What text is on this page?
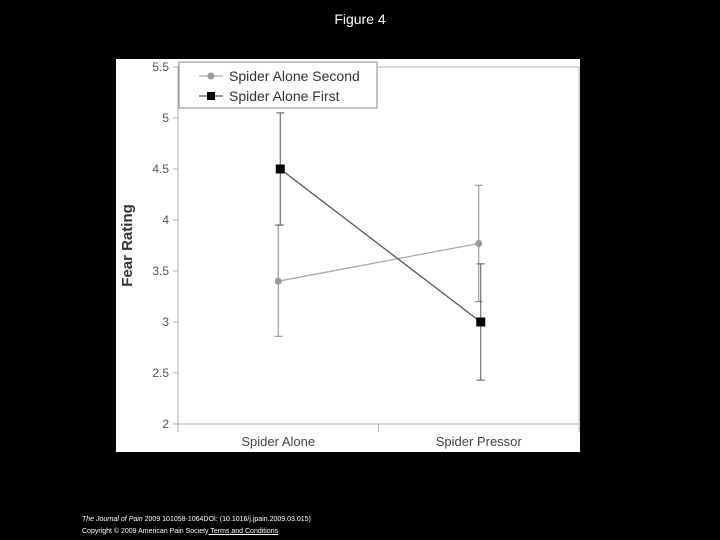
Figure 4
2
2.5
3
3.5
4
4.5
5
5.5
Spider Alone	Spider Pressor
Fear Rating
Spider Alone Second
Spider Alone First
The Journal of Pain 2009 101058-1064DOI: (10.1016/j.jpain.2009.03.015)
Copyright © 2009 American Pain Society Terms and Conditions
